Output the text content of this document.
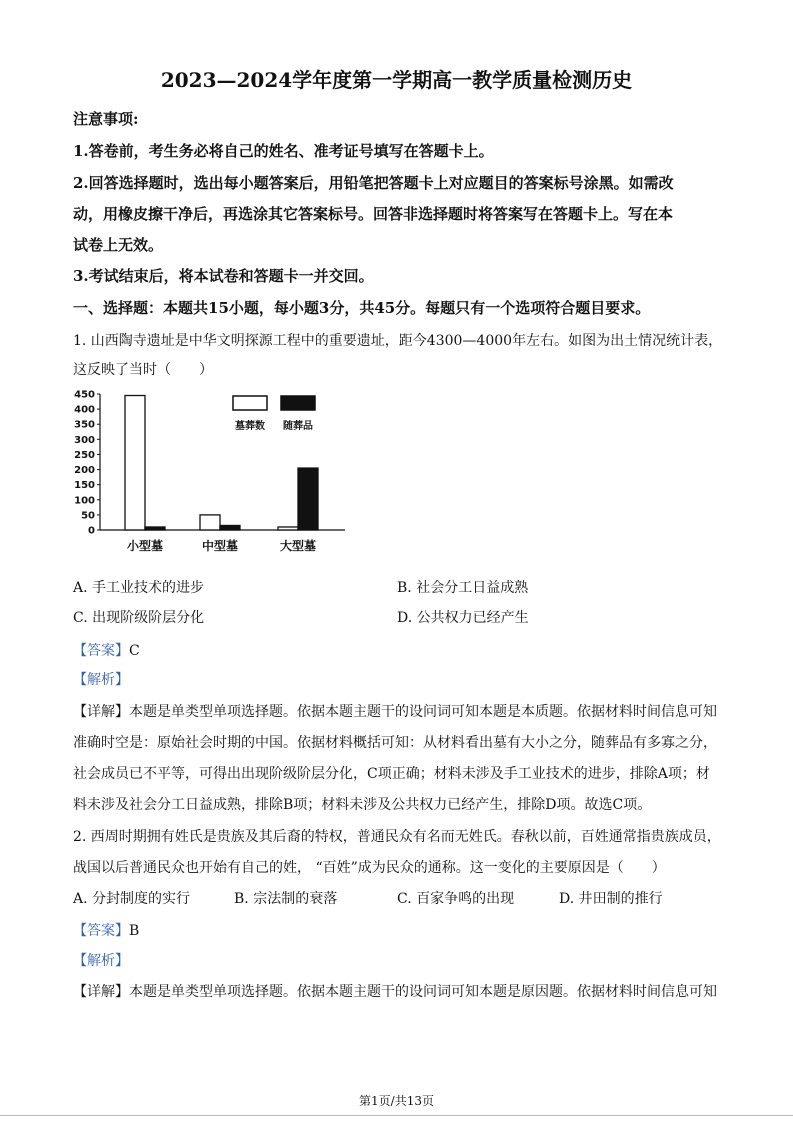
2023—2024学年度第一学期高一教学质量检测历史
注意事项:
1.答卷前，考生务必将自己的姓名、准考证号填写在答题卡上。
2.回答选择题时，选出每小题答案后，用铅笔把答题卡上对应题目的答案标号涂黑。如需改
动，用橡皮擦干净后，再选涂其它答案标号。回答非选择题时将答案写在答题卡上。写在本
试卷上无效。
3.考试结束后，将本试卷和答题卡一并交回。
一、选择题：本题共15小题，每小题3分，共45分。每题只有一个选项符合题目要求。
1. 山西陶寺遗址是中华文明探源工程中的重要遗址，距今4300—4000年左右。如图为出土情况统计表，
这反映了当时（　　）
0
50
100
150
200
250
300
350
400
450
小型墓	中型墓	大型墓
墓葬数 随葬品
A. 手工业技术的进步	B. 社会分工日益成熟
C. 出现阶级阶层分化	D. 公共权力已经产生
【答案】C
【解析】
【详解】本题是单类型单项选择题。依据本题主题干的设问词可知本题是本质题。依据材料时间信息可知
准确时空是：原始社会时期的中国。依据材料概括可知：从材料看出墓有大小之分，随葬品有多寡之分，
社会成员已不平等，可得出出现阶级阶层分化，C项正确；材料未涉及手工业技术的进步，排除A项；材
料未涉及社会分工日益成熟，排除B项；材料未涉及公共权力已经产生，排除D项。故选C项。
2. 西周时期拥有姓氏是贵族及其后裔的特权，普通民众有名而无姓氏。春秋以前，百姓通常指贵族成员，
战国以后普通民众也开始有自己的姓， “百姓”成为民众的通称。这一变化的主要原因是（　　）
A. 分封制度的实行	B. 宗法制的衰落	C. 百家争鸣的出现	D. 井田制的推行
【答案】B
【解析】
【详解】本题是单类型单项选择题。依据本题主题干的设问词可知本题是原因题。依据材料时间信息可知
第1页/共13页
